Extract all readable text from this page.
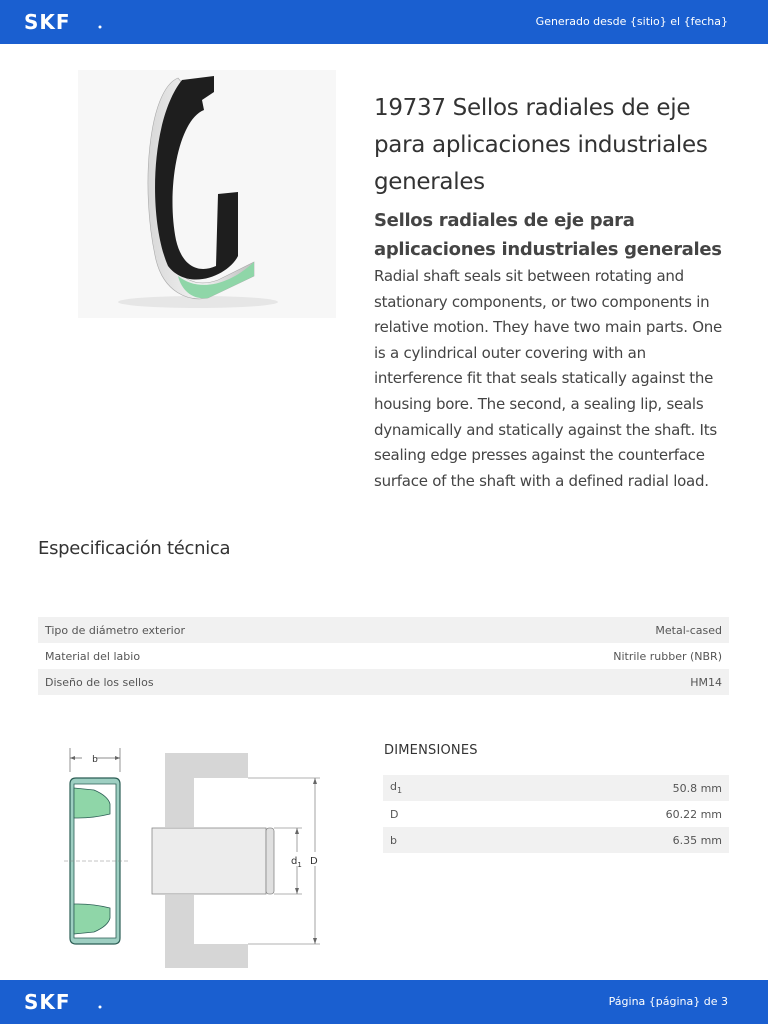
SKF	Generado desde {sitio} el {fecha}
19737 Sellos radiales de eje para aplicaciones industriales generales
Sellos radiales de eje para aplicaciones industriales generales

Radial shaft seals sit between rotating and stationary components, or two components in relative motion. They have two main parts. One is a cylindrical outer covering with an interference fit that seals statically against the housing bore. The second, a sealing lip, seals dynamically and statically against the shaft. Its sealing edge presses against the counterface surface of the shaft with a defined radial load.

Especificación técnica
Tipo de diámetro exterior	Metal-cased
Material del labio	Nitrile rubber (NBR)
Diseño de los sellos	HM14
b
$d_1$ D
DIMENSIONES
$d_1$	50.8 mm
D	60.22 mm
b	6.35 mm
SKF	Página {página} de 3
